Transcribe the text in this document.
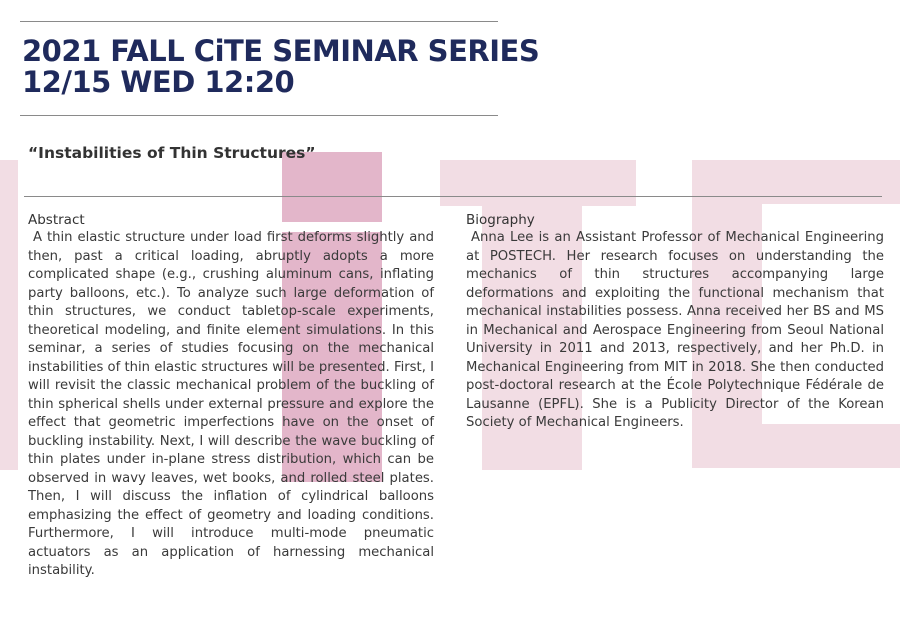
2021 FALL CiTE SEMINAR SERIES
12/15 WED 12:20
“Instabilities of Thin Structures”

Abstract

A thin elastic structure under load first deforms slightly and then, past a critical loading, abruptly adopts a more complicated shape (e.g., crushing aluminum cans, inflating party balloons, etc.). To analyze such large deformation of thin structures, we conduct tabletop-scale experiments, theoretical modeling, and finite element simulations. In this seminar, a series of studies focusing on the mechanical instabilities of thin elastic structures will be presented. First, I will revisit the classic mechanical problem of the buckling of thin spherical shells under external pressure and explore the effect that geometric imperfections have on the onset of buckling instability. Next, I will describe the wave buckling of thin plates under in-plane stress distribution, which can be observed in wavy leaves, wet books, and rolled steel plates. Then, I will discuss the inflation of cylindrical balloons emphasizing the effect of geometry and loading conditions. Furthermore, I will introduce multi-mode pneumatic actuators as an application of harnessing mechanical instability.

Biography

Anna Lee is an Assistant Professor of Mechanical Engineering at POSTECH. Her research focuses on understanding the mechanics of thin structures accompanying large deformations and exploiting the functional mechanism that mechanical instabilities possess. Anna received her BS and MS in Mechanical and Aerospace Engineering from Seoul National University in 2011 and 2013, respectively, and her Ph.D. in Mechanical Engineering from MIT in 2018. She then conducted post-doctoral research at the École Polytechnique Fédérale de Lausanne (EPFL). She is a Publicity Director of the Korean Society of Mechanical Engineers.
